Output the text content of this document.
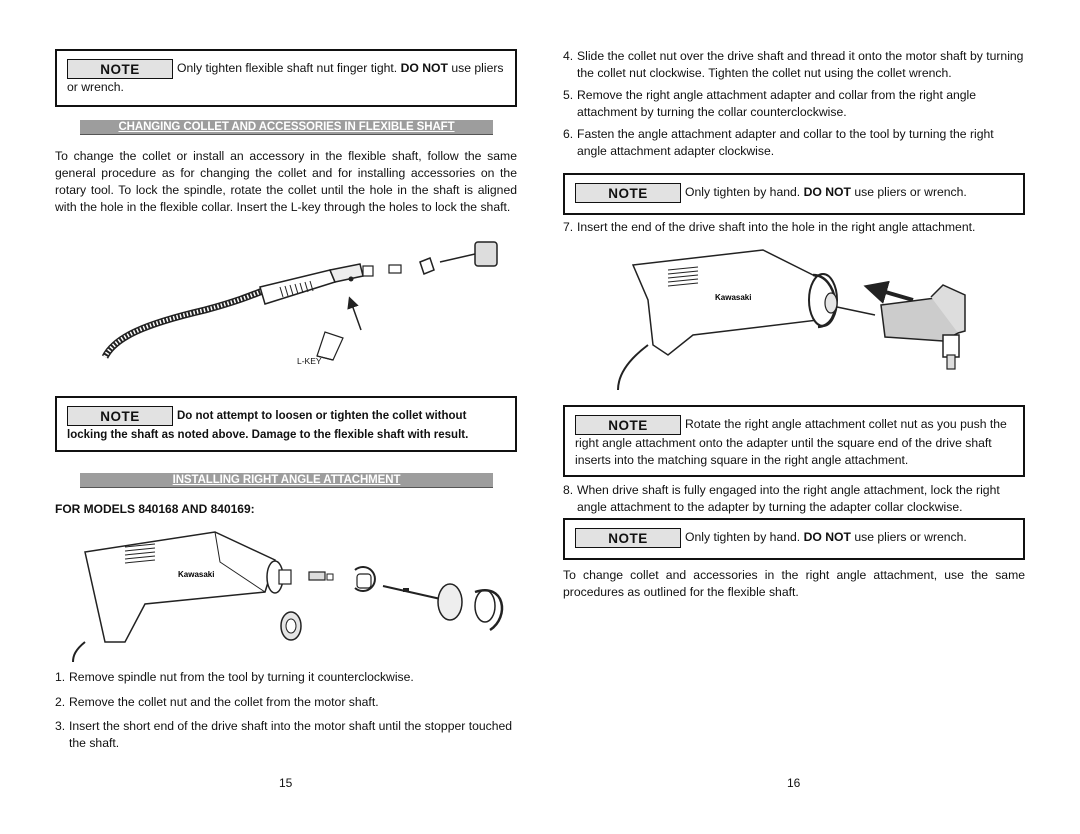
NOTE	Only tighten flexible shaft nut finger tight. DO NOT use pliers or wrench.
CHANGING COLLET AND ACCESSORIES IN FLEXIBLE SHAFT
To change the collet or install an accessory in the flexible shaft, follow the same general procedure as for changing the collet and for installing accessories on the rotary tool. To lock the spindle, rotate the collet until the hole in the shaft is aligned with the hole in the flexible collar. Insert the L-key through the holes to lock the shaft.
L-KEY
NOTE	Do not attempt to loosen or tighten the collet without locking the shaft as noted above. Damage to the flexible shaft with result.
INSTALLING RIGHT ANGLE ATTACHMENT
FOR MODELS 840168 AND 840169:
Kawasaki
1. Remove spindle nut from the tool by turning it counterclockwise.
2. Remove the collet nut and the collet from the motor shaft.
3. Insert the short end of the drive shaft into the motor shaft until the stopper touched the shaft.
15
4. Slide the collet nut over the drive shaft and thread it onto the motor shaft by turning the collet nut clockwise. Tighten the collet nut using the collet wrench.
5. Remove the right angle attachment adapter and collar from the right angle attachment by turning the collar counterclockwise.
6. Fasten the angle attachment adapter and collar to the tool by turning the right angle attachment adapter clockwise.
NOTE	Only tighten by hand. DO NOT use pliers or wrench.
7. Insert the end of the drive shaft into the hole in the right angle attachment.
Kawasaki
NOTE	Rotate the right angle attachment collet nut as you push the right angle attachment onto the adapter until the square end of the drive shaft inserts into the matching square in the right angle attachment.
8. When drive shaft is fully engaged into the right angle attachment, lock the right angle attachment to the adapter by turning the adapter collar clockwise.
NOTE	Only tighten by hand. DO NOT use pliers or wrench.
To change collet and accessories in the right angle attachment, use the same procedures as outlined for the flexible shaft.
16
